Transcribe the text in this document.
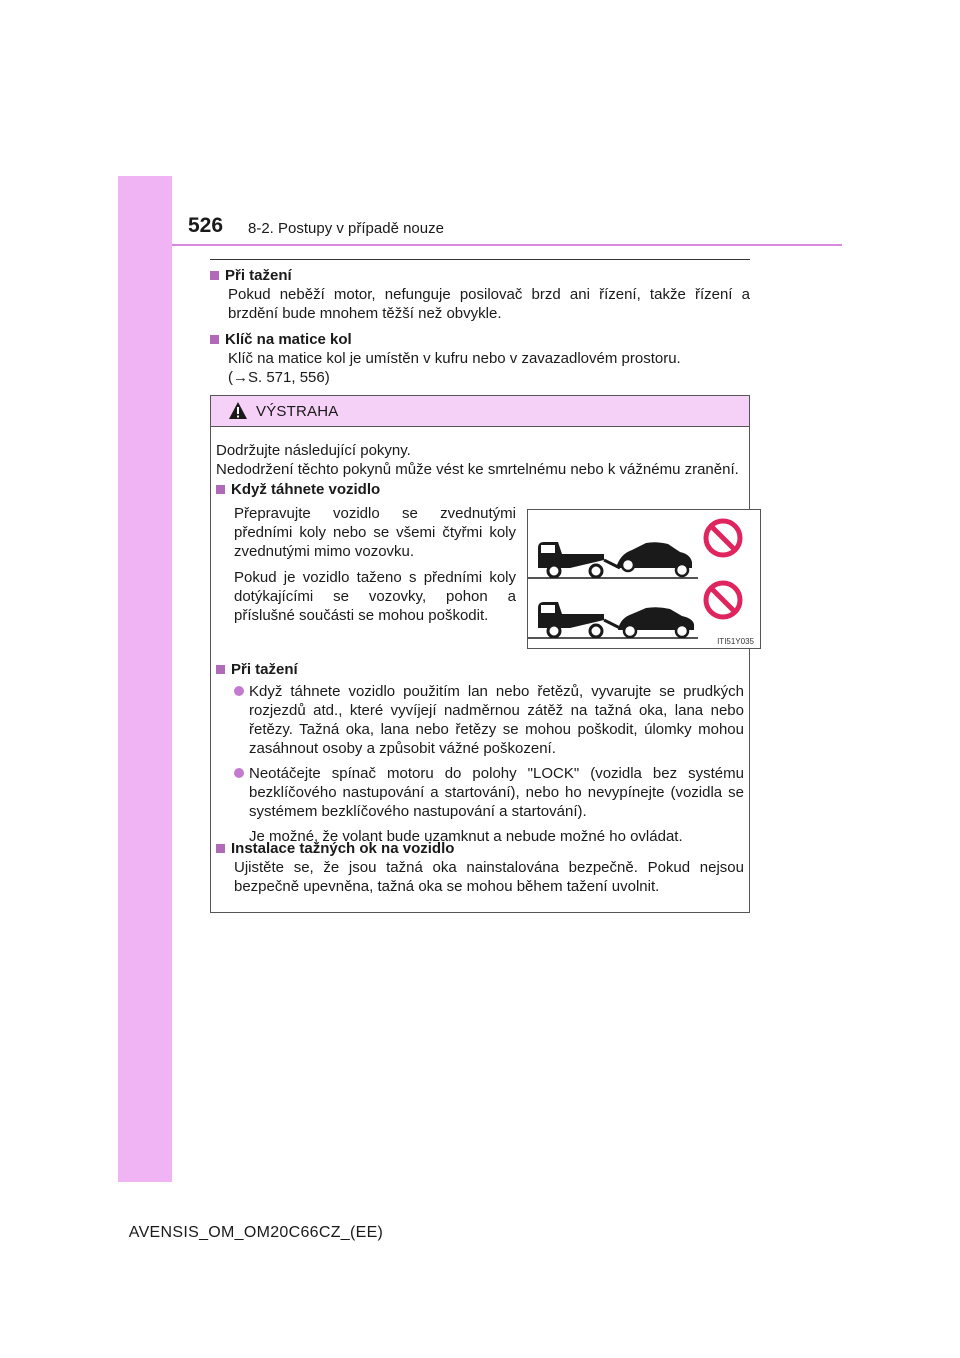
526 8-2. Postupy v případě nouze
Při tažení
Pokud neběží motor, nefunguje posilovač brzd ani řízení, takže řízení a brzdění bude mnohem těžší než obvykle.
Klíč na matice kol
Klíč na matice kol je umístěn v kufru nebo v zavazadlovém prostoru.
(→S. 571, 556)
VÝSTRAHA
Dodržujte následující pokyny.
Nedodržení těchto pokynů může vést ke smrtelnému nebo k vážnému zranění.
Když táhnete vozidlo
Přepravujte vozidlo se zvednutými předními koly nebo se všemi čtyřmi koly zvednutými mimo vozovku.
Pokud je vozidlo taženo s předními koly dotýkajícími se vozovky, pohon a příslušné součásti se mohou poškodit.
ITI51Y035
Při tažení
Když táhnete vozidlo použitím lan nebo řetězů, vyvarujte se prudkých rozjezdů atd., které vyvíjejí nadměrnou zátěž na tažná oka, lana nebo řetězy. Tažná oka, lana nebo řetězy se mohou poškodit, úlomky mohou zasáhnout osoby a způsobit vážné poškození.
Neotáčejte spínač motoru do polohy "LOCK" (vozidla bez systému bezklíčového nastupování a startování), nebo ho nevypínejte (vozidla se systémem bezklíčového nastupování a startování).
Je možné, že volant bude uzamknut a nebude možné ho ovládat.
Instalace tažných ok na vozidlo
Ujistěte se, že jsou tažná oka nainstalována bezpečně. Pokud nejsou bezpečně upevněna, tažná oka se mohou během tažení uvolnit.
AVENSIS_OM_OM20C66CZ_(EE)
